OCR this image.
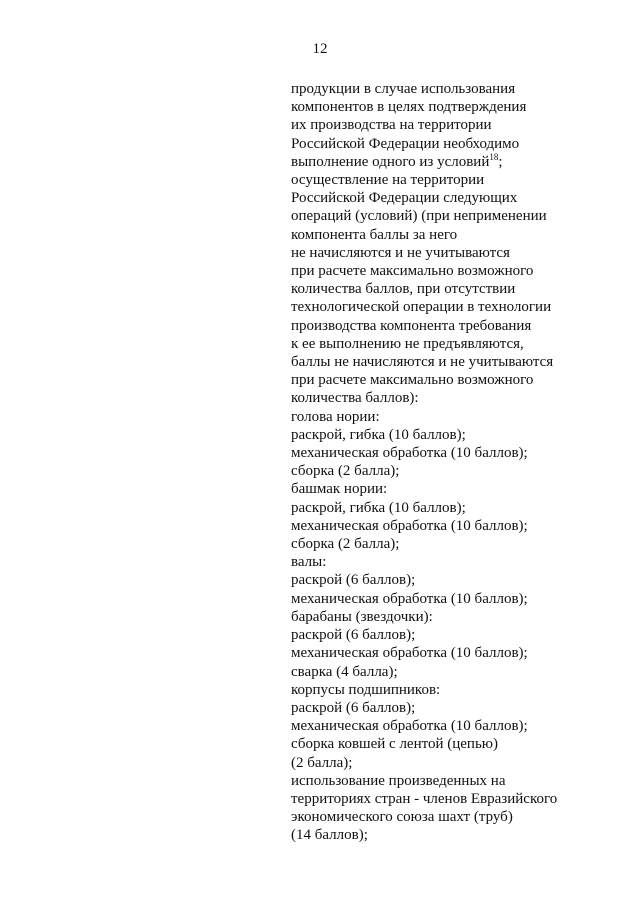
12
продукции в случае использования
компонентов в целях подтверждения
их производства на территории
Российской Федерации необходимо
выполнение одного из условий$^{18}$;
осуществление на территории
Российской Федерации следующих
операций (условий) (при неприменении
компонента баллы за него
не начисляются и не учитываются
при расчете максимально возможного
количества баллов, при отсутствии
технологической операции в технологии
производства компонента требования
к ее выполнению не предъявляются,
баллы не начисляются и не учитываются
при расчете максимально возможного
количества баллов):
голова нории:
раскрой, гибка (10 баллов);
механическая обработка (10 баллов);
сборка (2 балла);
башмак нории:
раскрой, гибка (10 баллов);
механическая обработка (10 баллов);
сборка (2 балла);
валы:
раскрой (6 баллов);
механическая обработка (10 баллов);
барабаны (звездочки):
раскрой (6 баллов);
механическая обработка (10 баллов);
сварка (4 балла);
корпусы подшипников:
раскрой (6 баллов);
механическая обработка (10 баллов);
сборка ковшей с лентой (цепью)
(2 балла);
использование произведенных на
территориях стран - членов Евразийского
экономического союза шахт (труб)
(14 баллов);
